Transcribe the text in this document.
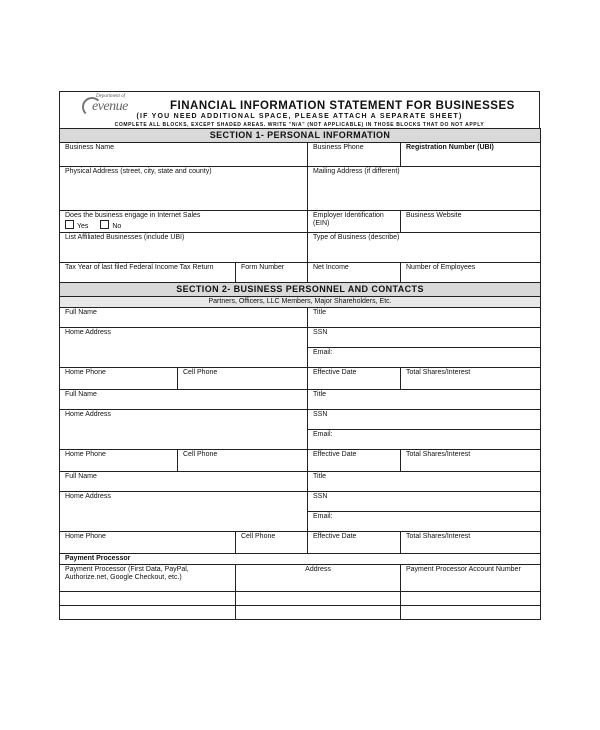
Department of
evenue	FINANCIAL INFORMATION STATEMENT FOR BUSINESSES
(IF YOU NEED ADDITIONAL SPACE, PLEASE ATTACH A SEPARATE SHEET)
COMPLETE ALL BLOCKS, EXCEPT SHADED AREAS. WRITE "N/A" (NOT APPLICABLE) IN THOSE BLOCKS THAT DO NOT APPLY
SECTION 1- PERSONAL INFORMATION				
Business Name			Business Phone	Registration Number (UBI)
Physical Address (street, city, state and county)			Mailing Address (if different)	

Does the business engage in Internet Sales
Yes No			Employer Identification (EIN)	Business Website
List Affiliated Businesses (include UBI)			Type of Business (describe)	
Tax Year of last filed Federal Income Tax Return		Form Number	Net Income	Number of Employees
SECTION 2- BUSINESS PERSONNEL AND CONTACTS				
Partners, Officers, LLC Members, Major Shareholders, Etc.				
Full Name			Title	
Home Address			SSN	
			Email:	
Home Phone	Cell Phone		Effective Date	Total Shares/Interest
Full Name			Title	
Home Address			SSN	
			Email:	
Home Phone	Cell Phone		Effective Date	Total Shares/Interest
Full Name			Title	
Home Address			SSN	
			Email:	
Home Phone		Cell Phone	Effective Date	Total Shares/Interest
Payment Processor				
Payment Processor (First Data, PayPal, Authorize.net, Google Checkout, etc.)		Address		Payment Processor Account Number
